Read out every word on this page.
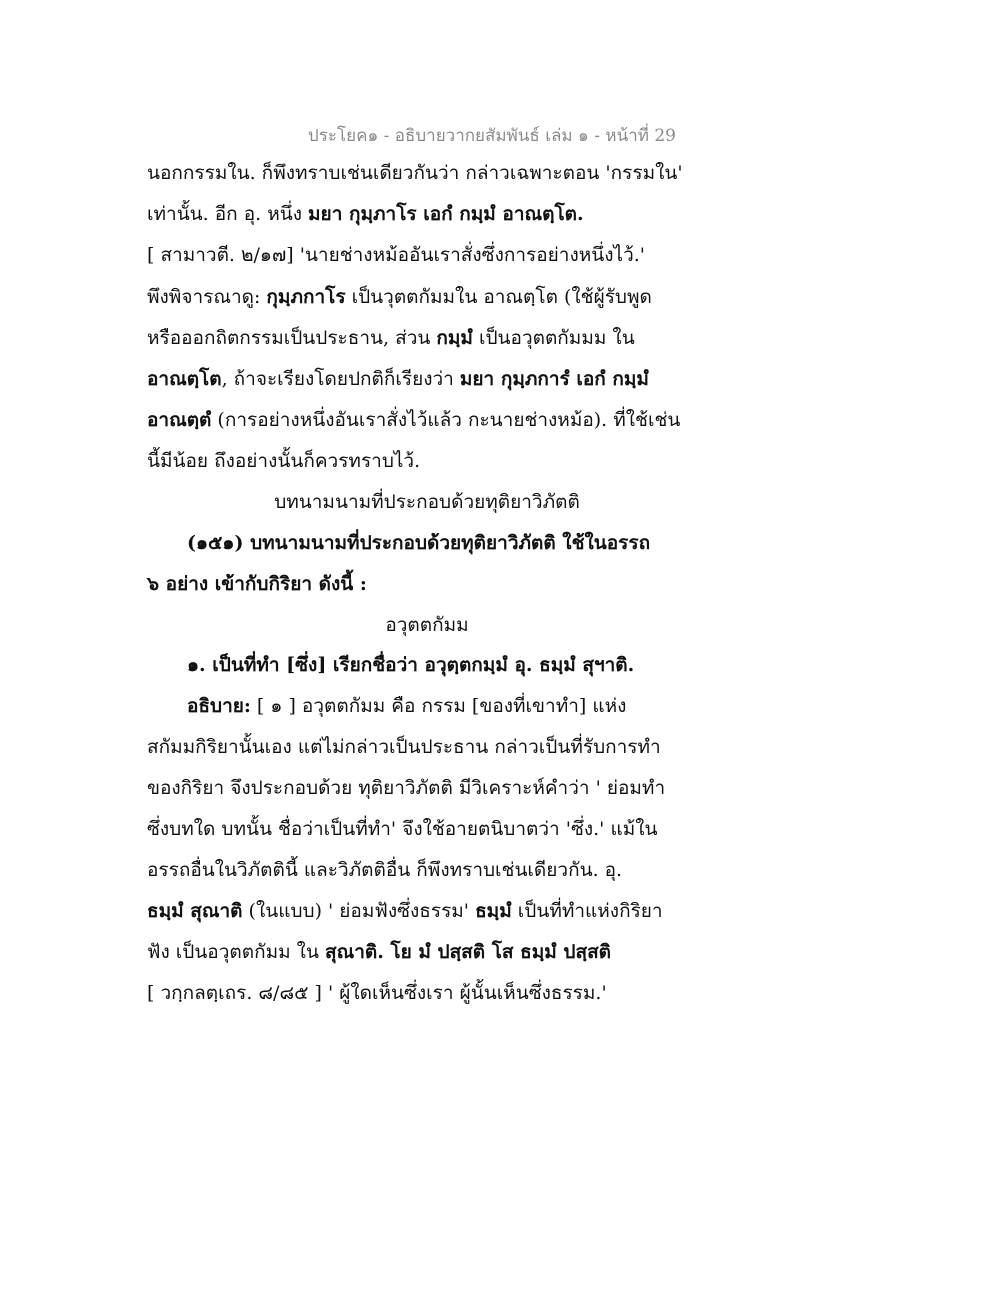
ประโยค๑ - อธิบายวากยสัมพันธ์ เล่ม ๑ - หน้าที่ 29
นอกกรรมใน. ก็พึงทราบเช่นเดียวกันว่า กล่าวเฉพาะตอน 'กรรมใน'
เท่านั้น. อีก อุ. หนึ่ง มยา กุมฺภาโร เอกํ กมฺมํ อาณตฺโต.
[ สามาวตี. ๒/๑๗] 'นายช่างหม้ออันเราสั่งซึ่งการอย่างหนึ่งไว้.'
พึงพิจารณาดู: กุมฺภกาโร เป็นวุตตกัมมใน อาณตฺโต (ใช้ผู้รับพูด
หรือออกถิตกรรมเป็นประธาน, ส่วน กมฺมํ เป็นอวุตตกัมมม ใน
อาณตฺโต, ถ้าจะเรียงโดยปกติก็เรียงว่า มยา กุมฺภการํ เอกํ กมฺมํ
อาณตฺตํ (การอย่างหนึ่งอันเราสั่งไว้แล้ว กะนายช่างหม้อ). ที่ใช้เช่น
นี้มีน้อย ถึงอย่างนั้นก็ควรทราบไว้.
บทนามนามที่ประกอบด้วยทุติยาวิภัตติ
(๑๕๑) บทนามนามที่ประกอบด้วยทุติยาวิภัตติ ใช้ในอรรถ
๖ อย่าง เข้ากับกิริยา ดังนี้ :
อวุตตกัมม
๑. เป็นที่ทำ [ซึ่ง] เรียกชื่อว่า อวุตฺตกมฺมํ อุ. ธมฺมํ สุฯาติ.
อธิบาย: [ ๑ ] อวุตตกัมม คือ กรรม [ของที่เขาทำ] แห่ง
สกัมมกิริยานั้นเอง แต่ไม่กล่าวเป็นประธาน กล่าวเป็นที่รับการทำ
ของกิริยา จึงประกอบด้วย ทุติยาวิภัตติ มีวิเคราะห์คำว่า ' ย่อมทำ
ซึ่งบทใด บทนั้น ชื่อว่าเป็นที่ทำ' จึงใช้อายตนิบาตว่า 'ซึ่ง.' แม้ใน
อรรถอื่นในวิภัตตินี้ และวิภัตติอื่น ก็พึงทราบเช่นเดียวกัน. อุ.
ธมฺมํ สุณาติ (ในแบบ) ' ย่อมฟังซึ่งธรรม' ธมฺมํ เป็นที่ทำแห่งกิริยา
ฟัง เป็นอวุตตกัมม ใน สุณาติ. โย มํ ปสฺสติ โส ธมฺมํ ปสฺสติ
[ วกฺกลตฺเถร. ๘/๘๕ ] ' ผู้ใดเห็นซึ่งเรา ผู้นั้นเห็นซึ่งธรรม.'
